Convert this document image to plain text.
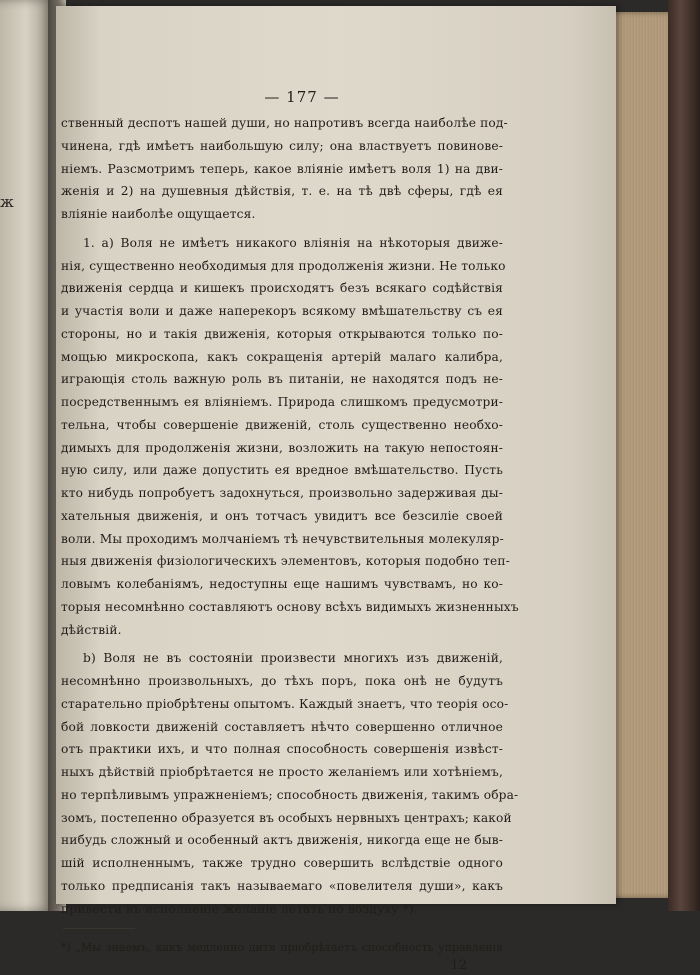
ж
— 177 —
ственный деспотъ нашей души, но напротивъ всегда наиболѣе под-
чинена, гдѣ имѣетъ наибольшую силу; она властвуетъ повиновe-
ніемъ. Разсмотримъ теперь, какое вліяніе имѣетъ воля 1) на дви-
женія и 2) на душевныя дѣйствія, т. е. на тѣ двѣ сферы, гдѣ ея
вліяніе наиболѣе ощущается.
1. a) Воля не имѣетъ никакого вліянія на нѣкоторыя движе-
нія, существенно необходимыя для продолженія жизни. Не только
движенія сердца и кишекъ происходятъ безъ всякаго содѣйствія
и участія воли и даже наперекоръ всякому вмѣшательству съ ея
стороны, но и такія движенія, которыя открываются только по-
мощью микроскопа, какъ сокращенія артерій малаго калибра,
играющія столь важную роль въ питаніи, не находятся подъ не-
посредственнымъ ея вліяніемъ. Природа слишкомъ предусмотри-
тельна, чтобы совершеніе движеній, столь существенно необхо-
димыхъ для продолженія жизни, возложить на такую непостоян-
ную силу, или даже допустить ея вредное вмѣшательство. Пусть
кто нибудь попробуетъ задохнуться, произвольно задерживая ды-
хательныя движенія, и онъ тотчасъ увидитъ все безсиліе своей
воли. Мы проходимъ молчаніемъ тѣ нечувствительныя молекуляр-
ныя движенія физіологическихъ элементовъ, которыя подобно теп-
ловымъ колебаніямъ, недоступны еще нашимъ чувствамъ, но ко-
торыя несомнѣнно составляютъ основу всѣхъ видимыхъ жизненныхъ
дѣйствій.
b) Воля не въ состояніи произвести многихъ изъ движеній,
несомнѣнно произвольныхъ, до тѣхъ поръ, пока онѣ не будутъ
старательно пріобрѣтены опытомъ. Каждый знаетъ, что теорія осо-
бой ловкости движеній составляетъ нѣчто совершенно отличное
отъ практики ихъ, и что полная способность совершенія извѣст-
ныхъ дѣйствій пріобрѣтается не просто желаніемъ или хотѣніемъ,
но терпѣливымъ упражненіемъ; способность движенія, такимъ обра-
зомъ, постепенно образуется въ особыхъ нервныхъ центрахъ; какой
нибудь сложный и особенный актъ движенія, никогда еще не быв-
шій исполненнымъ, также трудно совершить вслѣдствіе одного
только предписанія такъ называемаго «повелителя души», какъ
привести въ исполненіе желаніе летать по воздуху *).
*) „Мы знаемъ, какъ медленно дитя пріобрѣтаетъ способность управленія
12
